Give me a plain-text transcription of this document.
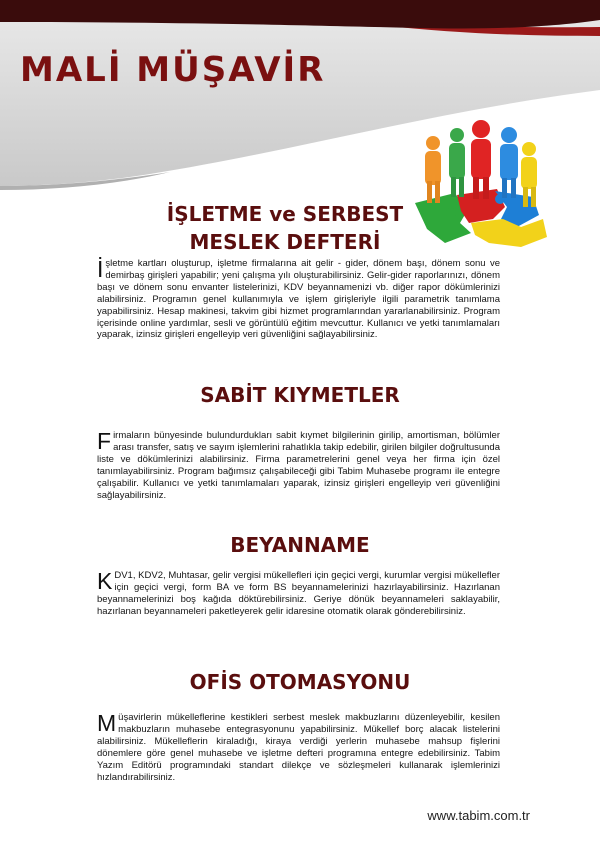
MALİ MÜŞAVİR
İŞLETME ve SERBEST
MESLEK DEFTERİ

İşletme kartları oluşturup, işletme firmalarına ait gelir - gider, dönem başı, dönem sonu ve demirbaş girişleri yapabilir; yeni çalışma yılı oluşturabilirsiniz. Gelir-gider raporlarınızı, dönem başı ve dönem sonu envanter listelerinizi, KDV beyannamenizi vb. diğer rapor dökümlerinizi alabilirsiniz. Programın genel kullanımıyla ve işlem girişleriyle ilgili parametrik tanımlama yapabilirsiniz. Hesap makinesi, takvim gibi hizmet programlarından yararlanabilirsiniz. Program içerisinde online yardımlar, sesli ve görüntülü eğitim mevcuttur. Kullanıcı ve yetki tanımlamaları yaparak, izinsiz girişleri engelleyip veri güvenliğini sağlayabilirsiniz.

SABİT KIYMETLER

Firmaların bünyesinde bulundurdukları sabit kıymet bilgilerinin girilip, amortisman, bölümler arası transfer, satış ve sayım işlemlerini rahatlıkla takip edebilir, girilen bilgiler doğrultusunda liste ve dökümlerinizi alabilirsiniz. Firma parametrelerini genel veya her firma için özel tanımlayabilirsiniz. Program bağımsız çalışabileceği gibi Tabim Muhasebe programı ile entegre çalışabilir. Kullanıcı ve yetki tanımlamaları yaparak, izinsiz girişleri engelleyip veri güvenliğini sağlayabilirsiniz.

BEYANNAME

KDV1, KDV2, Muhtasar, gelir vergisi mükellefleri için geçici vergi, kurumlar vergisi mükellefler için geçici vergi, form BA ve form BS beyannamelerinizi hazırlayabilirsiniz. Hazırlanan beyannamelerinizi boş kağıda döktürebilirsiniz. Geriye dönük beyannameleri saklayabilir, hazırlanan beyannameleri paketleyerek gelir idaresine otomatik olarak gönderebilirsiniz.

OFİS OTOMASYONU

Müşavirlerin mükelleflerine kestikleri serbest meslek makbuzlarını düzenleyebilir, kesilen makbuzların muhasebe entegrasyonunu yapabilirsiniz. Mükellef borç alacak listelerini alabilirsiniz. Mükelleflerin kiraladığı, kiraya verdiği yerlerin muhasebe mahsup fişlerini dönemlere göre genel muhasebe ve işletme defteri programına entegre edebilirsiniz. Tabim Yazım Editörü programındaki standart dilekçe ve sözleşmeleri kullanarak işlemlerinizi hızlandırabilirsiniz.

www.tabim.com.tr
